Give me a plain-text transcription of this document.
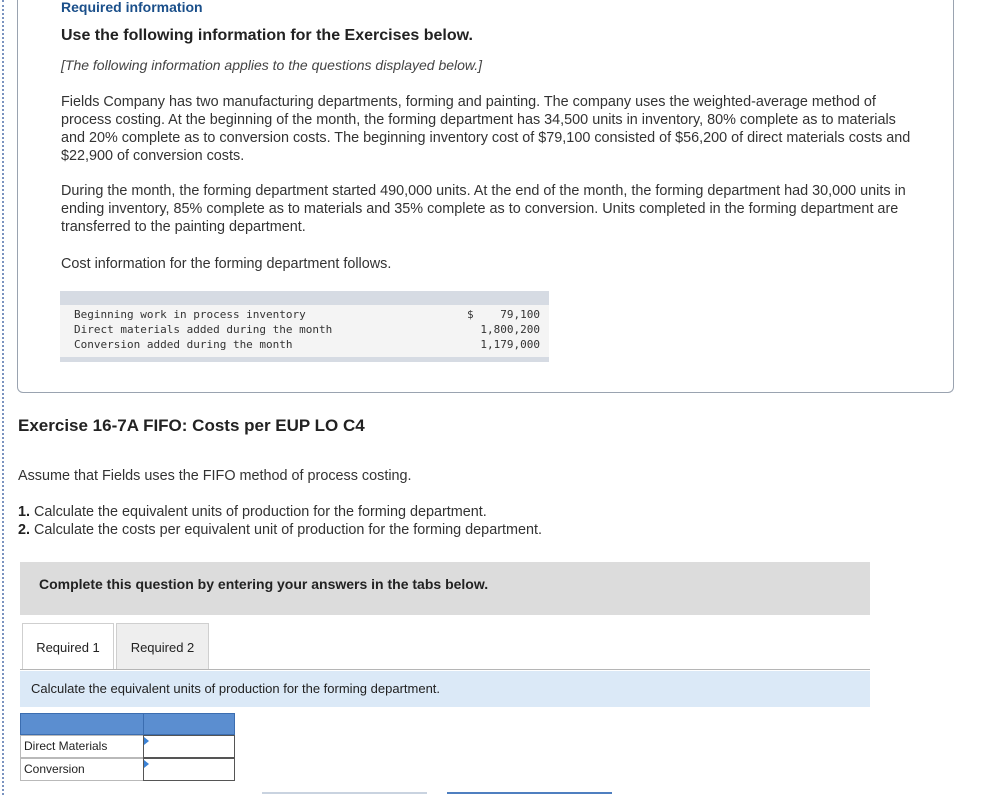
Required information
Use the following information for the Exercises below.
[The following information applies to the questions displayed below.]
Fields Company has two manufacturing departments, forming and painting. The company uses the weighted-average method of process costing. At the beginning of the month, the forming department has 34,500 units in inventory, 80% complete as to materials and 20% complete as to conversion costs. The beginning inventory cost of $79,100 consisted of $56,200 of direct materials costs and $22,900 of conversion costs.
During the month, the forming department started 490,000 units. At the end of the month, the forming department had 30,000 units in ending inventory, 85% complete as to materials and 35% complete as to conversion. Units completed in the forming department are transferred to the painting department.
Cost information for the forming department follows.
Beginning work in process inventory	$ 79,100
Direct materials added during the month	1,800,200
Conversion added during the month	1,179,000
Exercise 16-7A FIFO: Costs per EUP LO C4
Assume that Fields uses the FIFO method of process costing.
1. Calculate the equivalent units of production for the forming department.
2. Calculate the costs per equivalent unit of production for the forming department.
Complete this question by entering your answers in the tabs below.
Required 1	Required 2
Calculate the equivalent units of production for the forming department.
Direct Materials
Conversion
